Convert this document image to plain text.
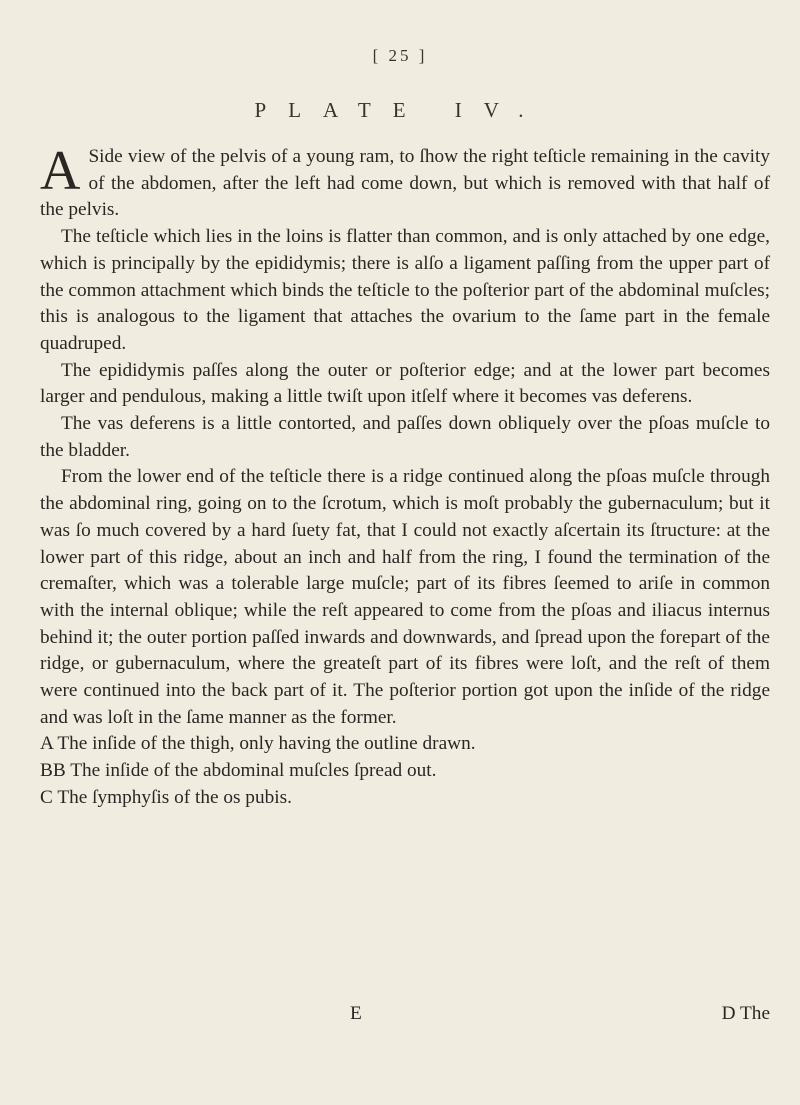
[ 25 ]
PLATE IV.

A Side view of the pelvis of a young ram, to ſhow the right teſticle remaining in the cavity of the abdomen, after the left had come down, but which is removed with that half of the pelvis.

The teſticle which lies in the loins is flatter than common, and is only attached by one edge, which is principally by the epididymis; there is alſo a ligament paſſing from the upper part of the common attachment which binds the teſticle to the poſterior part of the abdominal muſcles; this is analogous to the ligament that attaches the ovarium to the ſame part in the female quadruped.

The epididymis paſſes along the outer or poſterior edge; and at the lower part becomes larger and pendulous, making a little twiſt upon itſelf where it becomes vas deferens.

The vas deferens is a little contorted, and paſſes down obliquely over the pſoas muſcle to the bladder.

From the lower end of the teſticle there is a ridge continued along the pſoas muſcle through the abdominal ring, going on to the ſcrotum, which is moſt probably the gubernaculum; but it was ſo much covered by a hard ſuety fat, that I could not exactly aſcertain its ſtructure: at the lower part of this ridge, about an inch and half from the ring, I found the termination of the cremaſter, which was a tolerable large muſcle; part of its fibres ſeemed to ariſe in common with the internal oblique; while the reſt appeared to come from the pſoas and iliacus internus behind it; the outer portion paſſed inwards and downwards, and ſpread upon the forepart of the ridge, or gubernaculum, where the greateſt part of its fibres were loſt, and the reſt of them were continued into the back part of it. The poſterior portion got upon the inſide of the ridge and was loſt in the ſame manner as the former.

A The inſide of the thigh, only having the outline drawn.

BB The inſide of the abdominal muſcles ſpread out.

C The ſymphyſis of the os pubis.

E	D The
